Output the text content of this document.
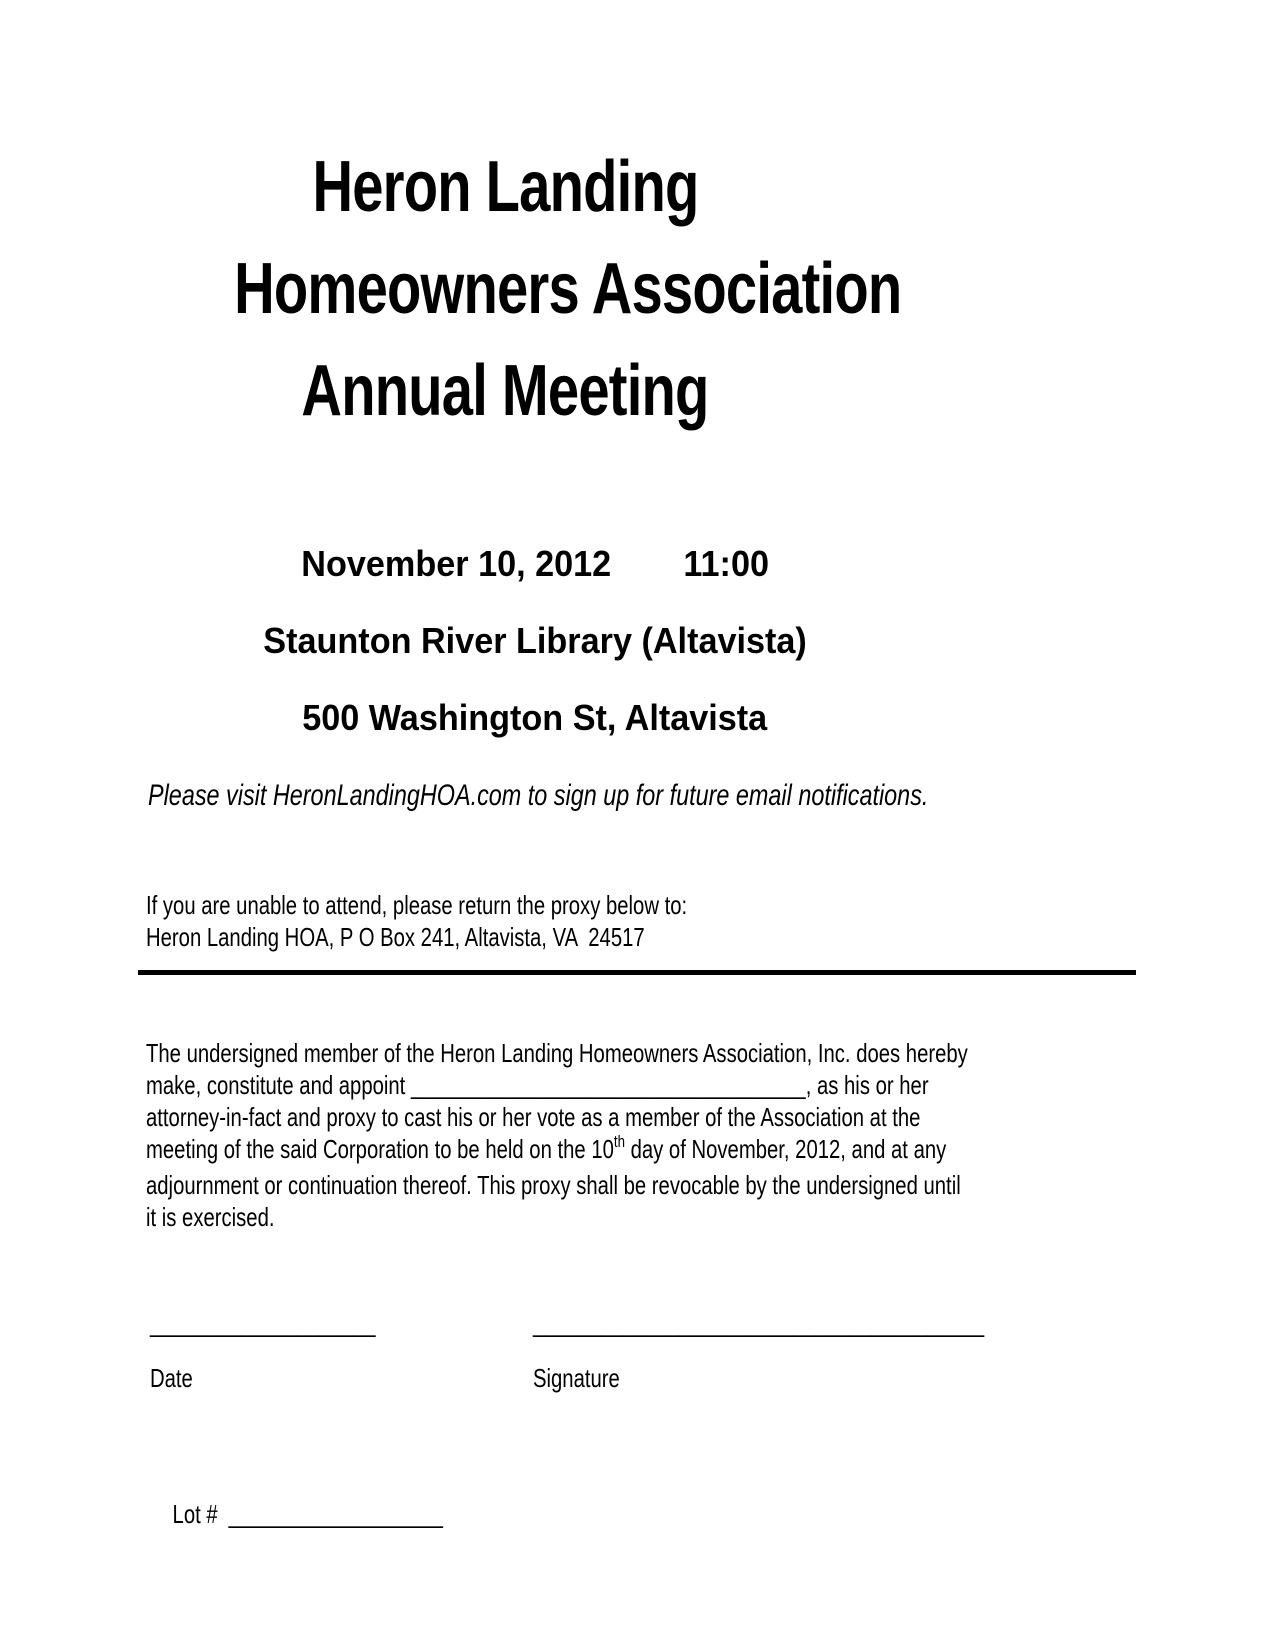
Heron Landing
Homeowners Association
Annual Meeting

November 10, 2012 11:00

Staunton River Library (Altavista)

500 Washington St, Altavista

Please visit HeronLandingHOA.com to sign up for future email notifications.
If you are unable to attend, please return the proxy below to:
Heron Landing HOA, P O Box 241, Altavista, VA  24517
The undersigned member of the Heron Landing Homeowners Association, Inc. does hereby
make, constitute and appoint ___________________________________, as his or her
attorney-in-fact and proxy to cast his or her vote as a member of the Association at the
meeting of the said Corporation to be held on the 10th day of November, 2012, and at any
adjournment or continuation thereof. This proxy shall be revocable by the undersigned until
it is exercised.
____________________	________________________________________
Date	Signature

Lot # ___________________
